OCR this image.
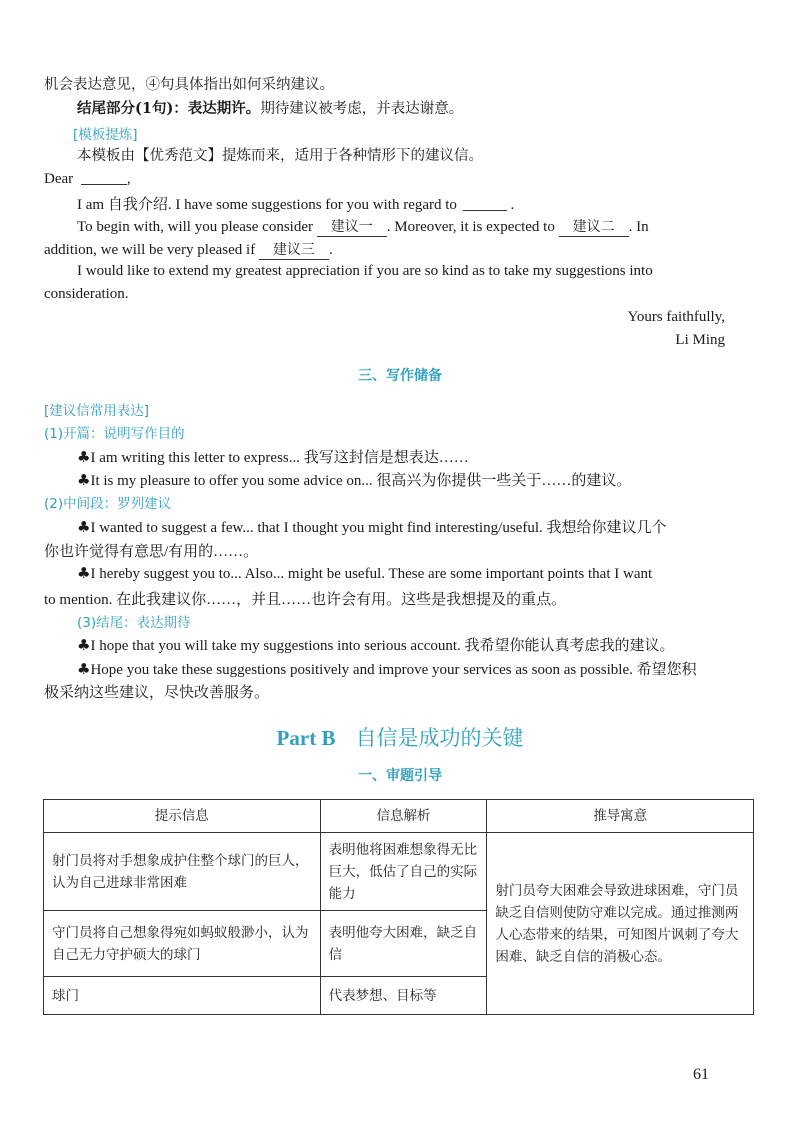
机会表达意见，④句具体指出如何采纳建议。
结尾部分(1句)：表达期许。期待建议被考虑，并表达谢意。
[模板提炼]
本模板由【优秀范文】提炼而来，适用于各种情形下的建议信。
Dear	,
I am 自我介绍. I have some suggestions for you with regard to	.
To begin with, will you please consider 建议一 . Moreover, it is expected to 建议二 . In
addition, we will be very pleased if 建议三 .
I would like to extend my greatest appreciation if you are so kind as to take my suggestions into
consideration.
Yours faithfully,
Li Ming
三、写作储备
[建议信常用表达]
(1)开篇：说明写作目的
♣I am writing this letter to express... 我写这封信是想表达……
♣It is my pleasure to offer you some advice on... 很高兴为你提供一些关于……的建议。
(2)中间段：罗列建议
♣I wanted to suggest a few... that I thought you might find interesting/useful. 我想给你建议几个
你也许觉得有意思/有用的……。
♣I hereby suggest you to... Also... might be useful. These are some important points that I want
to mention. 在此我建议你……，并且……也许会有用。这些是我想提及的重点。
(3)结尾：表达期待
♣I hope that you will take my suggestions into serious account. 我希望你能认真考虑我的建议。
♣Hope you take these suggestions positively and improve your services as soon as possible. 希望您积
极采纳这些建议，尽快改善服务。
Part B 自信是成功的关键
一、审题引导
提示信息	信息解析	推导寓意
射门员将对手想象成护住整个球门的巨人，认为自己进球非常困难	表明他将困难想象得无比巨大，低估了自己的实际能力	射门员夸大困难会导致进球困难，守门员缺乏自信则使防守难以完成。通过推测两人心态带来的结果，可知图片讽刺了夸大困难、缺乏自信的消极心态。
守门员将自己想象得宛如蚂蚁般渺小，认为自己无力守护硕大的球门	表明他夸大困难，缺乏自信	
球门	代表梦想、目标等	
61
